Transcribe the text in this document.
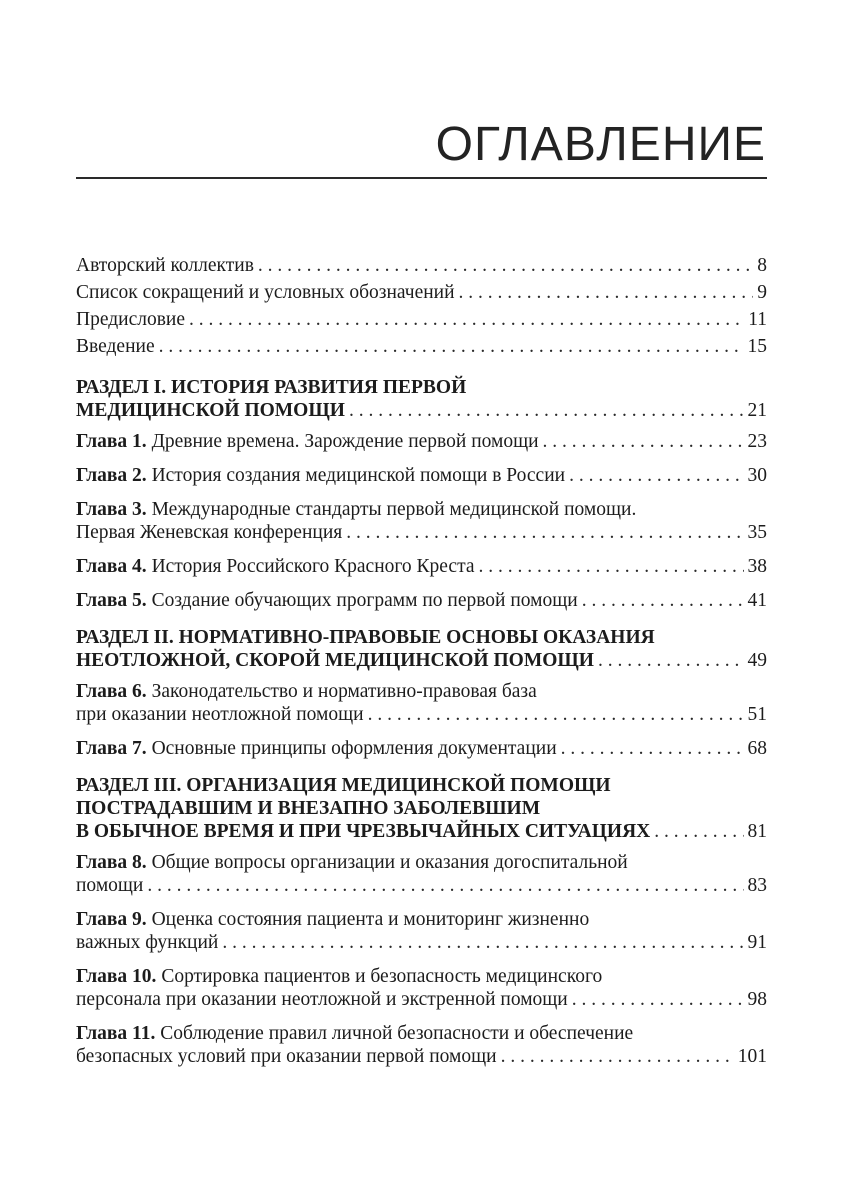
ОГЛАВЛЕНИЕ
Авторский коллектив . . .	8
Список сокращений и условных обозначений . . .	9
Предисловие . . .	11
Введение . . .	15
РАЗДЕЛ I. ИСТОРИЯ РАЗВИТИЯ ПЕРВОЙ
МЕДИЦИНСКОЙ ПОМОЩИ . . .	21
Глава 1. Древние времена. Зарождение первой помощи . . .	23
Глава 2. История создания медицинской помощи в России . . .	30
Глава 3. Международные стандарты первой медицинской помощи.
Первая Женевская конференция . . .	35
Глава 4. История Российского Красного Креста . . .	38
Глава 5. Создание обучающих программ по первой помощи . . .	41
РАЗДЕЛ II. НОРМАТИВНО-ПРАВОВЫЕ ОСНОВЫ ОКАЗАНИЯ
НЕОТЛОЖНОЙ, СКОРОЙ МЕДИЦИНСКОЙ ПОМОЩИ . . .	49
Глава 6. Законодательство и нормативно-правовая база
при оказании неотложной помощи . . .	51
Глава 7. Основные принципы оформления документации . . .	68
РАЗДЕЛ III. ОРГАНИЗАЦИЯ МЕДИЦИНСКОЙ ПОМОЩИ
ПОСТРАДАВШИМ И ВНЕЗАПНО ЗАБОЛЕВШИМ
В ОБЫЧНОЕ ВРЕМЯ И ПРИ ЧРЕЗВЫЧАЙНЫХ СИТУАЦИЯХ . . .	81
Глава 8. Общие вопросы организации и оказания догоспитальной
помощи . . .	83
Глава 9. Оценка состояния пациента и мониторинг жизненно
важных функций . . .	91
Глава 10. Сортировка пациентов и безопасность медицинского
персонала при оказании неотложной и экстренной помощи . . .	98
Глава 11. Соблюдение правил личной безопасности и обеспечение
безопасных условий при оказании первой помощи . . .	101
